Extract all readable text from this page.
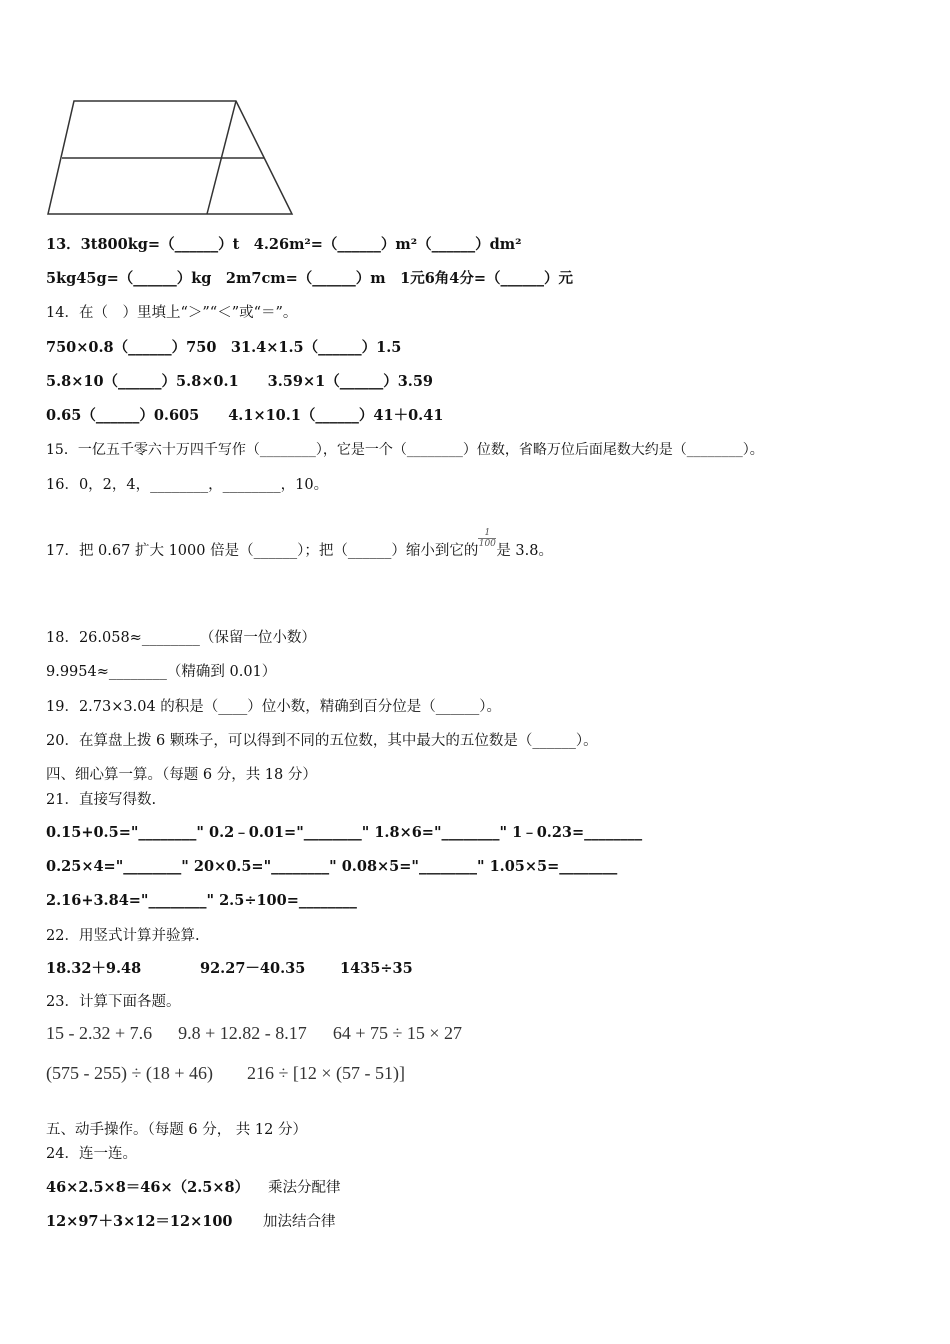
13．3t800kg=（______）t　4.26m²=（______）m²（______）dm²
5kg45g=（______）kg　2m7cm=（______）m　1元6角4分=（______）元
14．在（　）里填上“＞”“＜”或“＝”。
750×0.8（______）750　31.4×1.5（______）1.5
5.8×10（______）5.8×0.1　　3.59×1（______）3.59
0.65（______）0.605　　4.1×10.1（______）41＋0.41
15．一亿五千零六十万四千写作（________），它是一个（________）位数，省略万位后面尾数大约是（________）。
16．0，2，4，________，________，10。
17．把 0.67 扩大 1000 倍是（______）；把（______）缩小到它的
$\frac{1}{100}$
是 3.8。
18．26.058≈________（保留一位小数）
9.9954≈________（精确到 0.01）
19．2.73×3.04 的积是（____）位小数，精确到百分位是（______）。
20．在算盘上拨 6 颗珠子，可以得到不同的五位数，其中最大的五位数是（______）。
四、细心算一算。（每题 6 分，共 18 分）
21．直接写得数.
0.15+0.5="________" 0.2﹣0.01="________" 1.8×6="________" 1﹣0.23=________
0.25×4="________" 20×0.5="________" 0.08×5="________" 1.05×5=________
2.16+3.84="________" 2.5÷100=________
22．用竖式计算并验算.
18.32＋9.48	92.27－40.35 1435÷35
23．计算下面各题。
15 - 2.32 + 7.6 9.8 + 12.82 - 8.17 64 + 75 ÷ 15 × 27
(575 - 255) ÷ (18 + 46) 216 ÷ [12 × (57 - 51)]
五、动手操作。（每题 6 分， 共 12 分）
24．连一连。
46×2.5×8＝46×（2.5×8） 乘法分配律
12×97＋3×12＝12×100 加法结合律
